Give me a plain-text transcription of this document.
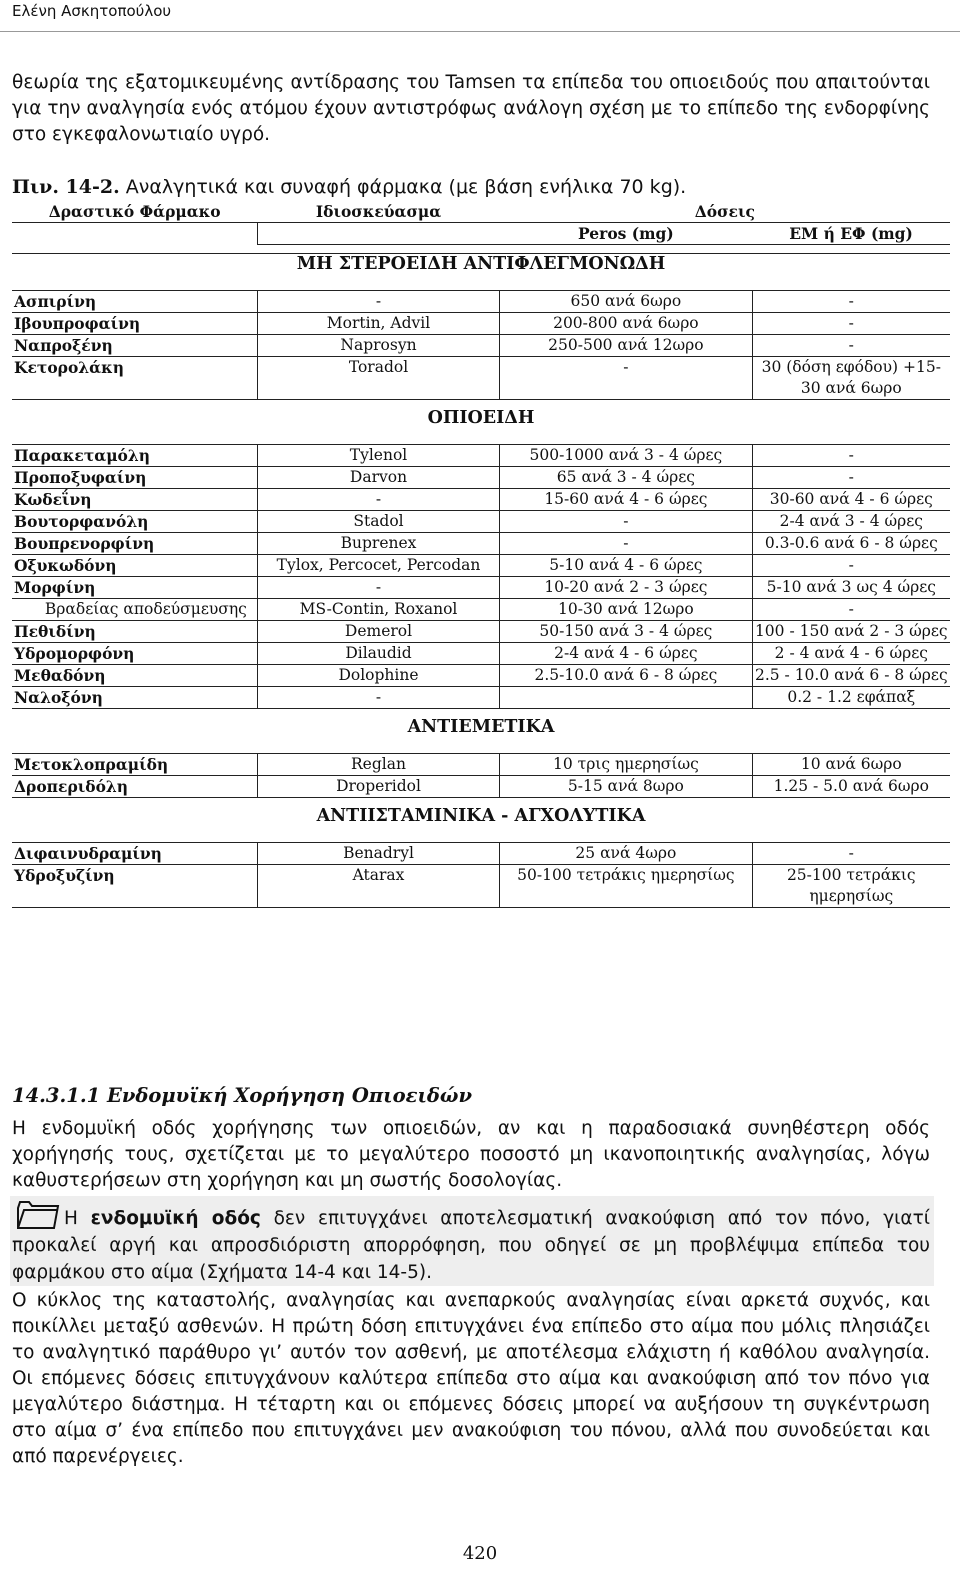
Ελένη Ασκητοπούλου
θεωρία της εξατομικευμένης αντίδρασης του Tamsen τα επίπεδα του οπιοειδούς που απαιτούνται για την αναλγησία ενός ατόμου έχουν αντιστρόφως ανάλογη σχέση με το επίπεδο της ενδορφίνης στο εγκεφαλονωτιαίο υγρό.
Πιν. 14-2. Αναλγητικά και συναφή φάρμακα (με βάση ενήλικα 70 kg).
Δραστικό Φάρμακο	Ιδιοσκεύασμα	Δόσεις	
		Peros (mg)	ΕΜ ή ΕΦ (mg)

ΜΗ ΣΤΕΡΟΕΙΔΗ ΑΝΤΙΦΛΕΓΜΟΝΩΔΗ			
Ασπιρίνη	-	650 ανά 6ωρο	-
Ιβουπροφαίνη	Mortin, Advil	200-800 ανά 6ωρο	-
Ναπροξένη	Naprosyn	250-500 ανά 12ωρο	-
Κετορολάκη	Toradol	-	30 (δόση εφόδου) +15-30 ανά 6ωρο

ΟΠΙΟΕΙΔΗ			
Παρακεταμόλη	Tylenol	500-1000 ανά 3 - 4 ώρες	-
Προποξυφαίνη	Darvon	65 ανά 3 - 4 ώρες	-
Κωδεΐνη	-	15-60 ανά 4 - 6 ώρες	30-60 ανά 4 - 6 ώρες
Βουτορφανόλη	Stadol	-	2-4 ανά 3 - 4 ώρες
Βουπρενορφίνη	Buprenex	-	0.3-0.6 ανά 6 - 8 ώρες
Οξυκωδόνη	Tylox, Percocet, Percodan	5-10 ανά 4 - 6 ώρες	-
Μορφίνη	-	10-20 ανά 2 - 3 ώρες	5-10 ανά 3 ως 4 ώρες
Βραδείας αποδεύσμευσης	MS-Contin, Roxanol	10-30 ανά 12ωρο	-
Πεθιδίνη	Demerol	50-150 ανά 3 - 4 ώρες	100 - 150 ανά 2 - 3 ώρες
Υδρομορφόνη	Dilaudid	2-4 ανά 4 - 6 ώρες	2 - 4 ανά 4 - 6 ώρες
Μεθαδόνη	Dolophine	2.5-10.0 ανά 6 - 8 ώρες	2.5 - 10.0 ανά 6 - 8 ώρες
Ναλοξόνη	-		0.2 - 1.2 εφάπαξ

ΑΝΤΙΕΜΕΤΙΚΑ			
Μετοκλοπραμίδη	Reglan	10 τρις ημερησίως	10 ανά 6ωρο
Δροπεριδόλη	Droperidol	5-15 ανά 8ωρο	1.25 - 5.0 ανά 6ωρο

ΑΝΤΙΙΣΤΑΜΙΝΙΚΑ - ΑΓΧΟΛΥΤΙΚΑ			
Διφαινυδραμίνη	Benadryl	25 ανά 4ωρο	-
Υδροξυζίνη	Atarax	50-100 τετράκις ημερησίως	25-100 τετράκις ημερησίως
14.3.1.1 Ενδομυϊκή Χορήγηση Οπιοειδών
Η ενδομυϊκή οδός χορήγησης των οπιοειδών, αν και η παραδοσιακά συνηθέστερη οδός χορήγησής τους, σχετίζεται με το μεγαλύτερο ποσοστό μη ικανοποιητικής αναλγησίας, λόγω καθυστερήσεων στη χορήγηση και μη σωστής δοσολογίας.
Η ενδομυϊκή οδός δεν επιτυγχάνει αποτελεσματική ανακούφιση από τον πόνο, γιατί προκαλεί αργή και απροσδιόριστη απορρόφηση, που οδηγεί σε μη προβλέψιμα επίπεδα του φαρμάκου στο αίμα (Σχήματα 14-4 και 14-5).
Ο κύκλος της καταστολής, αναλγησίας και ανεπαρκούς αναλγησίας είναι αρκετά συχνός, και ποικίλλει μεταξύ ασθενών. Η πρώτη δόση επιτυγχάνει ένα επίπεδο στο αίμα που μόλις πλησιάζει το αναλγητικό παράθυρο γι’ αυτόν τον ασθενή, με αποτέλεσμα ελάχιστη ή καθόλου αναλγησία. Οι επόμενες δόσεις επιτυγχάνουν καλύτερα επίπεδα στο αίμα και ανακούφιση από τον πόνο για μεγαλύτερο διάστημα. Η τέταρτη και οι επόμενες δόσεις μπορεί να αυξήσουν τη συγκέντρωση στο αίμα σ’ ένα επίπεδο που επιτυγχάνει μεν ανακούφιση του πόνου, αλλά που συνοδεύεται και από παρενέργειες.
420
